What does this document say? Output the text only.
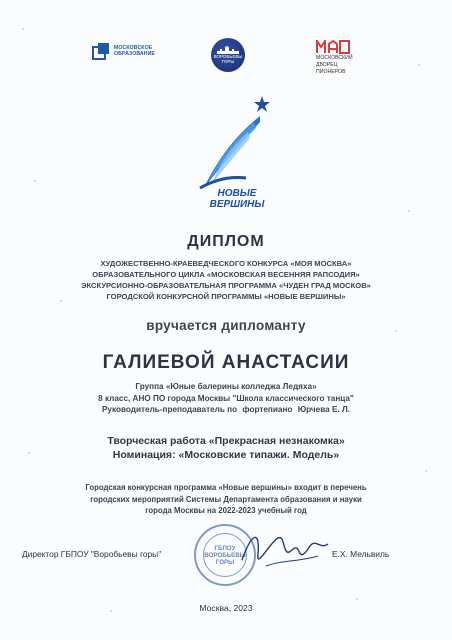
МОСКОВСКОЕ ОБРАЗОВАНИЕ	ВОРОБЬЕВЫ
ГОРЫ
МОСКОВСКИЙ
ДВОРЕЦ
ПИОНЕРОВ
НОВЫЕ
ВЕРШИНЫ
ДИПЛОМ
ХУДОЖЕСТВЕННО-КРАЕВЕДЧЕСКОГО КОНКУРСА «МОЯ МОСКВА»
ОБРАЗОВАТЕЛЬНОГО ЦИКЛА «МОСКОВСКАЯ ВЕСЕННЯЯ РАПСОДИЯ»
ЭКСКУРСИОННО-ОБРАЗОВАТЕЛЬНАЯ ПРОГРАММА «ЧУДЕН ГРАД МОСКОВ»
ГОРОДСКОЙ КОНКУРСНОЙ ПРОГРАММЫ «НОВЫЕ ВЕРШИНЫ»
вручается дипломанту
ГАЛИЕВОЙ АНАСТАСИИ
Группа «Юные балерины колледжа Ледяха»
8 класс, АНО ПО города Москвы "Школа классического танца"
Руководитель-преподаватель по фортепиано Юрчева Е. Л.
Творческая работа «Прекрасная незнакомка»
Номинация: «Московские типажи. Модель»
Городская конкурсная программа «Новые вершины» входит в перечень
городских мероприятий Системы Департамента образования и науки
города Москвы на 2022-2023 учебный год
Директор ГБПОУ "Воробьевы горы"
ГБПОУ
ВОРОБЬЕВЫ
ГОРЫ
Е.Х. Мельвиль
Москва, 2023
